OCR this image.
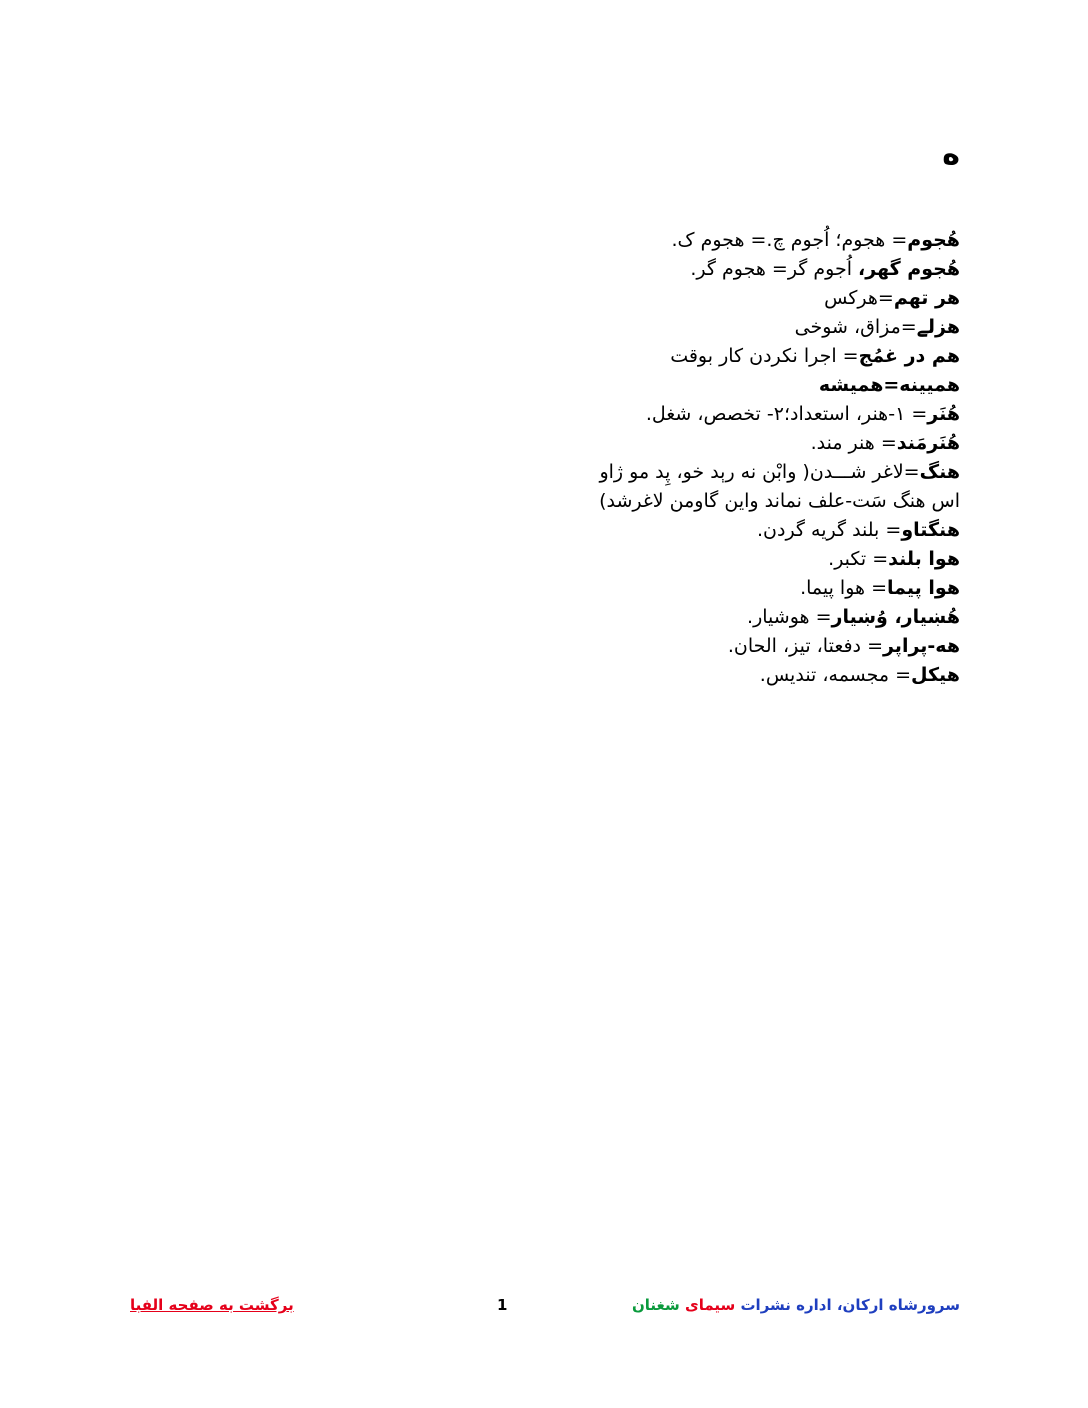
ه
هُجوم= هجوم؛ اُجوم چ.= هجوم ک.
هُجوم گهر، اُجوم گر= هجوم گر.
هر تهم=هرکس
هزلے=مزاق، شوخی
هم در غمُج= اجرا نکردن کار بوقت
همیینه=همیشه
هُنَر= ۱-هنر، استعداد؛۲- تخصص، شغل.
هُنَرمَند= هنر مند.
هنگ=لاغر شـــدن( وابْن نه رېد خو، پِد مو ژاو
اس هنگ سَت-علف نماند واین گاومن لاغرشد)
هنگتاو= بلند گریه گردن.
هوا بلند= تکبر.
هوا پیما= هوا پیما.
هُښیار، وُښیار= هوشیار.
هه-پراپر= دفعتا، تیز، الحان.
هیکل= مجسمه، تندیس.
سرورشاه ارکان، اداره نشرات سیمای شغنان
1
برگشت به صفحه الفبا
